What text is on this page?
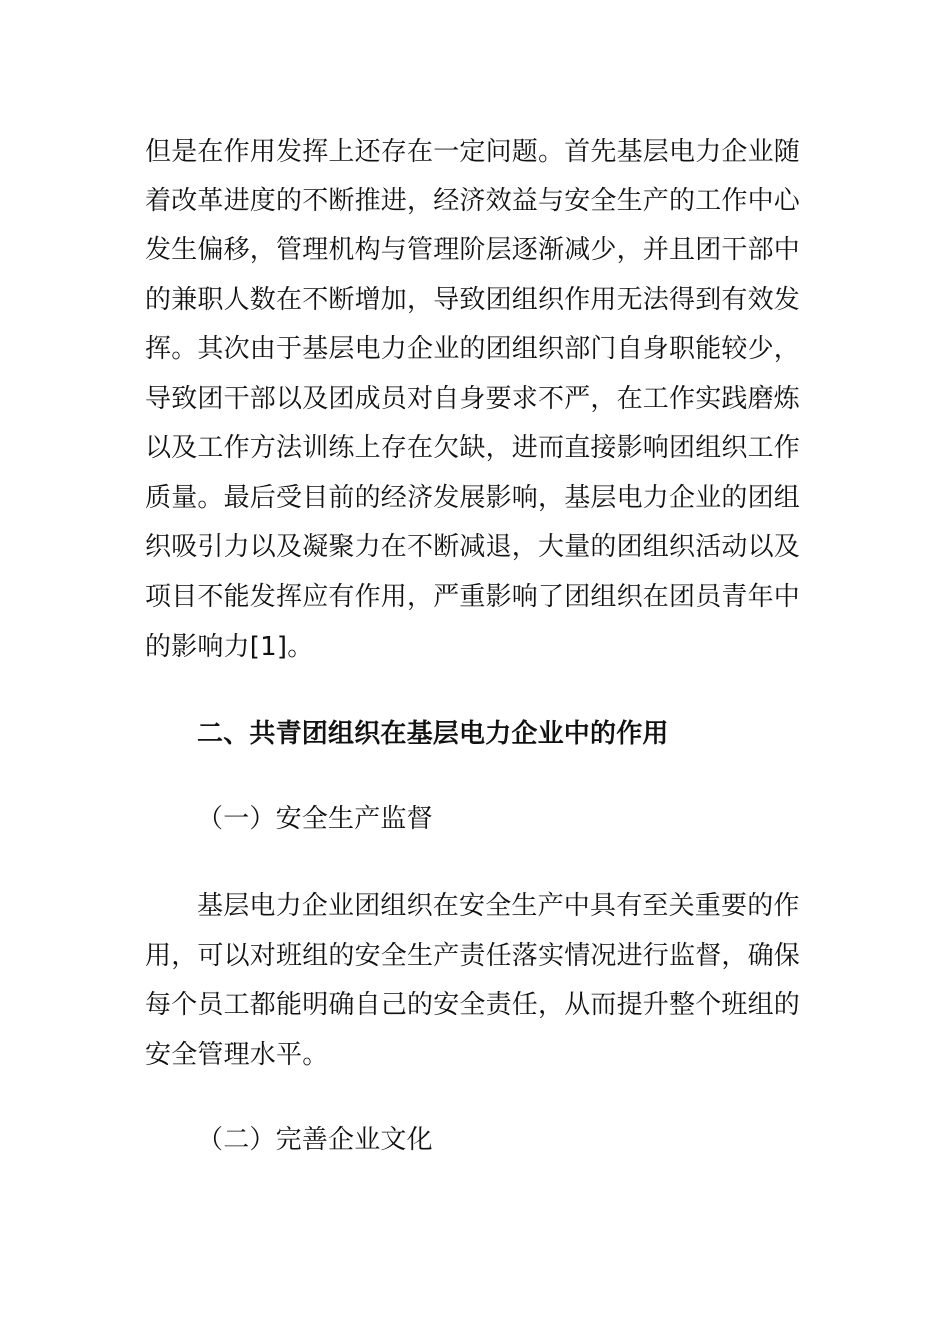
但是在作用发挥上还存在一定问题。首先基层电力企业随
着改革进度的不断推进，经济效益与安全生产的工作中心
发生偏移，管理机构与管理阶层逐渐减少，并且团干部中
的兼职人数在不断增加，导致团组织作用无法得到有效发
挥。其次由于基层电力企业的团组织部门自身职能较少，
导致团干部以及团成员对自身要求不严，在工作实践磨炼
以及工作方法训练上存在欠缺，进而直接影响团组织工作
质量。最后受目前的经济发展影响，基层电力企业的团组
织吸引力以及凝聚力在不断减退，大量的团组织活动以及
项目不能发挥应有作用，严重影响了团组织在团员青年中
的影响力[1]。
二、共青团组织在基层电力企业中的作用
（一）安全生产监督
基层电力企业团组织在安全生产中具有至关重要的作
用，可以对班组的安全生产责任落实情况进行监督，确保
每个员工都能明确自己的安全责任，从而提升整个班组的
安全管理水平。
（二）完善企业文化
